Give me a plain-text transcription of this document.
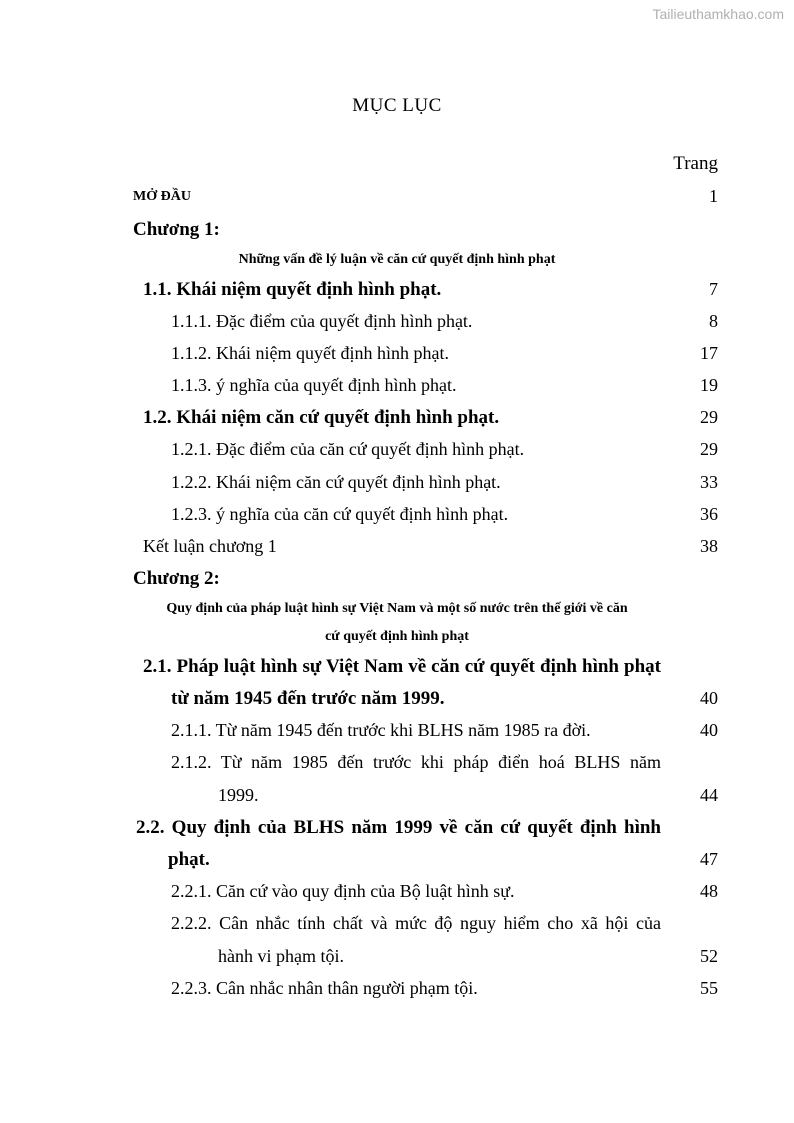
Tailieuthamkhao.com
MỤC LỤC
Trang
MỞ ĐẦU	1
Chương 1:
Những vấn đề lý luận về căn cứ quyết định hình phạt
1.1. Khái niệm quyết định hình phạt.	7
1.1.1. Đặc điểm của quyết định hình phạt.	8
1.1.2. Khái niệm quyết định hình phạt.	17
1.1.3. ý nghĩa của quyết định hình phạt.	19
1.2. Khái niệm căn cứ quyết định hình phạt.	29
1.2.1. Đặc điểm của căn cứ quyết định hình phạt.	29
1.2.2. Khái niệm căn cứ quyết định hình phạt.	33
1.2.3. ý nghĩa của căn cứ quyết định hình phạt.	36
Kết luận chương 1	38
Chương 2:
Quy định của pháp luật hình sự Việt Nam và một số nước trên thế giới về căn
cứ quyết định hình phạt
2.1. Pháp luật hình sự Việt Nam về căn cứ quyết định hình phạt
từ năm 1945 đến trước năm 1999.	40
2.1.1. Từ năm 1945 đến trước khi BLHS năm 1985 ra đời.	40
2.1.2. Từ năm 1985 đến trước khi pháp điển hoá BLHS năm
1999.	44
2.2. Quy định của BLHS năm 1999 về căn cứ quyết định hình
phạt.	47
2.2.1. Căn cứ vào quy định của Bộ luật hình sự.	48
2.2.2. Cân nhắc tính chất và mức độ nguy hiểm cho xã hội của
hành vi phạm tội.	52
2.2.3. Cân nhắc nhân thân người phạm tội.	55
